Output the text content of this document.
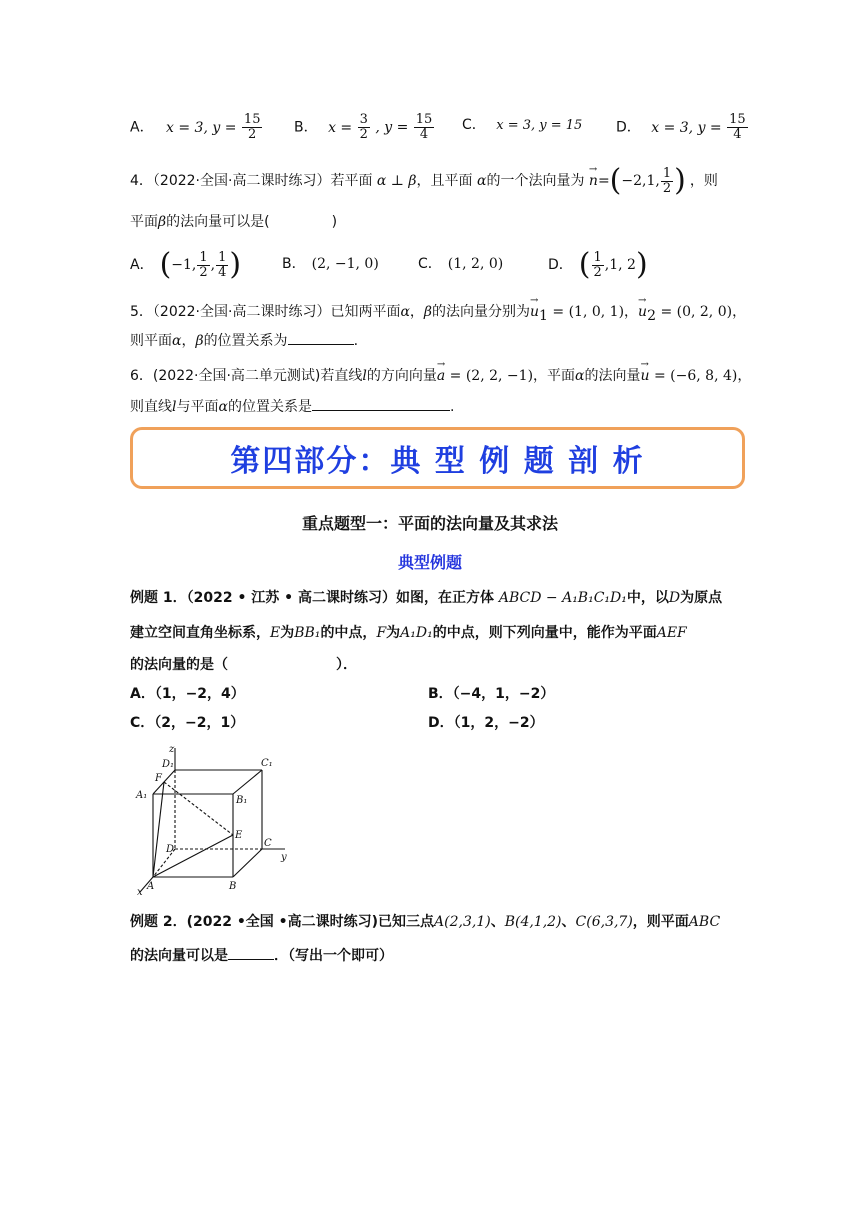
A． x = 3, $y = \frac{15}{2}$ B． $x = \frac{3}{2}$ , $y = \frac{15}{4}$ C． x = 3, y = 15 D． x = 3, $y = \frac{15}{4}$
4．（2022·全国·高二课时练习）若平面 α ⊥ β，且平面 α的一个法向量为 → n=(−2,1, $\frac{1}{2}$ ) ，则
平面β的法向量可以是(	)
A． (−1, $\frac{1}{2}$ , $\frac{1}{4}$ )	B． (2, −1, 0)	C． (1, 2, 0)	D． ( $\frac{1}{2} ,1$, 2)
5．（2022·全国·高二课时练习）已知两平面α，β的法向量分别为→ $u_1 = (1$, 0, 1)，→ $u_2 = (0$, 2, 0)，
则平面α，β的位置关系为	.
6．(2022·全国·高二单元测试)若直线l的方向向量→ a = (2, 2, −1)，平面α的法向量→ u = (−6, 8, 4)，
则直线l与平面α的位置关系是	.
第四部分：典 型 例 题 剖 析
重点题型一：平面的法向量及其求法
典型例题
例题 1．（2022 • 江苏 • 高二课时练习）如图，在正方体 ABCD − A₁B₁C₁D₁中，以D为原点
建立空间直角坐标系，E为BB₁的中点，F为A₁D₁的中点，则下列向量中，能作为平面AEF
的法向量的是（	）．
A．（1，−2，4）	B．（−4，1，−2）
C．（2，−2，1）	D．（1，2，−2）
z
y
x
D₁	C₁
F
A₁	B₁
E
D
C
A	B
例题 2．(2022 •全国 •高二课时练习)已知三点A(2,3,1)、B(4,1,2)、C(6,3,7)，则平面ABC
的法向量可以是	．（写出一个即可）
